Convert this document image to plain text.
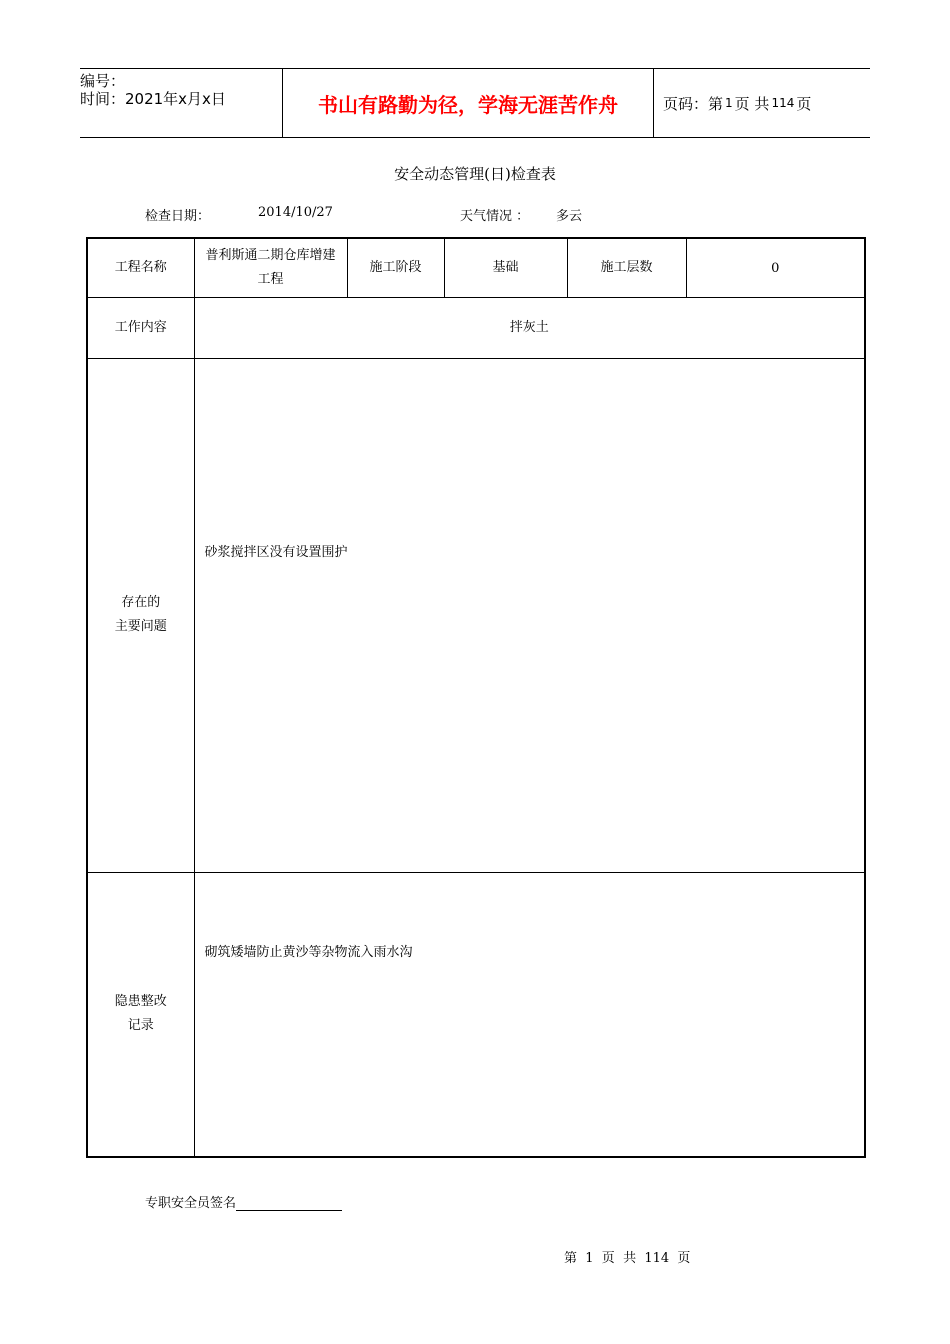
编号：
时间：2021年x月x日	书山有路勤为径，学海无涯苦作舟	页码：第 1 页 共 114 页
安全动态管理(日)检查表
检查日期：	2014/10/27	天气情况 ： 多云
工程名称	普利斯通二期仓库增建工程	施工阶段	基础	施工层数	0
工作内容	拌灰土				

存在的
主要问题	砂浆搅拌区没有设置围护				

隐患整改
记录	砌筑矮墙防止黄沙等杂物流入雨水沟				
专职安全员签名
第  1  页  共  114  页
